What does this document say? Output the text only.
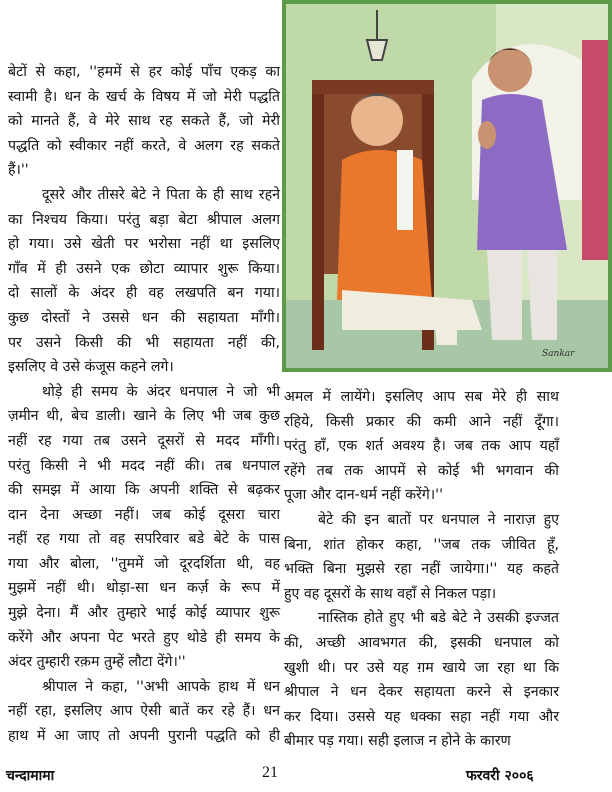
Sankar
बेटों से कहा, ''हममें से हर कोई पाँच एकड़ का
स्वामी है। धन के खर्च के विषय में जो मेरी पद्धति
को मानते हैं, वे मेरे साथ रह सकते हैं, जो मेरी
पद्धति को स्वीकार नहीं करते, वे अलग रह सकते
हैं।''
दूसरे और तीसरे बेटे ने पिता के ही साथ रहने
का निश्चय किया। परंतु बड़ा बेटा श्रीपाल अलग
हो गया। उसे खेती पर भरोसा नहीं था इसलिए
गाँव में ही उसने एक छोटा व्यापार शुरू किया।
दो सालों के अंदर ही वह लखपति बन गया।
कुछ दोस्तों ने उससे धन की सहायता माँगी।
पर उसने किसी की भी सहायता नहीं की,
इसलिए वे उसे कंजूस कहने लगे।
थोड़े ही समय के अंदर धनपाल ने जो भी
ज़मीन थी, बेच डाली। खाने के लिए भी जब कुछ
नहीं रह गया तब उसने दूसरों से मदद माँगी।
परंतु किसी ने भी मदद नहीं की। तब धनपाल
की समझ में आया कि अपनी शक्ति से बढ़कर
दान देना अच्छा नहीं। जब कोई दूसरा चारा
नहीं रह गया तो वह सपरिवार बडे बेटे के पास
गया और बोला, ''तुममें जो दूरदर्शिता थी, वह
मुझमें नहीं थी। थोड़ा-सा धन कर्ज़ के रूप में
मुझे देना। मैं और तुम्हारे भाई कोई व्यापार शुरू
करेंगे और अपना पेट भरते हुए थोडे ही समय के
अंदर तुम्हारी रक़म तुम्हें लौटा देंगे।''
श्रीपाल ने कहा, ''अभी आपके हाथ में धन
नहीं रहा, इसलिए आप ऐसी बातें कर रहे हैं। धन
हाथ में आ जाए तो अपनी पुरानी पद्धति को ही
अमल में लायेंगे। इसलिए आप सब मेरे ही साथ
रहिये, किसी प्रकार की कमी आने नहीं दूँगा।
परंतु हाँ, एक शर्त अवश्य है। जब तक आप यहाँ
रहेंगे तब तक आपमें से कोई भी भगवान की
पूजा और दान-धर्म नहीं करेंगे।''
बेटे की इन बातों पर धनपाल ने नाराज़ हुए
बिना, शांत होकर कहा, ''जब तक जीवित हूँ,
भक्ति बिना मुझसे रहा नहीं जायेगा।'' यह कहते
हुए वह दूसरों के साथ वहाँ से निकल पड़ा।
नास्तिक होते हुए भी बडे बेटे ने उसकी इज्जत
की, अच्छी आवभगत की, इसकी धनपाल को
खुशी थी। पर उसे यह ग़म खाये जा रहा था कि
श्रीपाल ने धन देकर सहायता करने से इनकार
कर दिया। उससे यह धक्का सहा नहीं गया और
बीमार पड़ गया। सही इलाज न होने के कारण
चन्दामामा	21	फरवरी २००६
